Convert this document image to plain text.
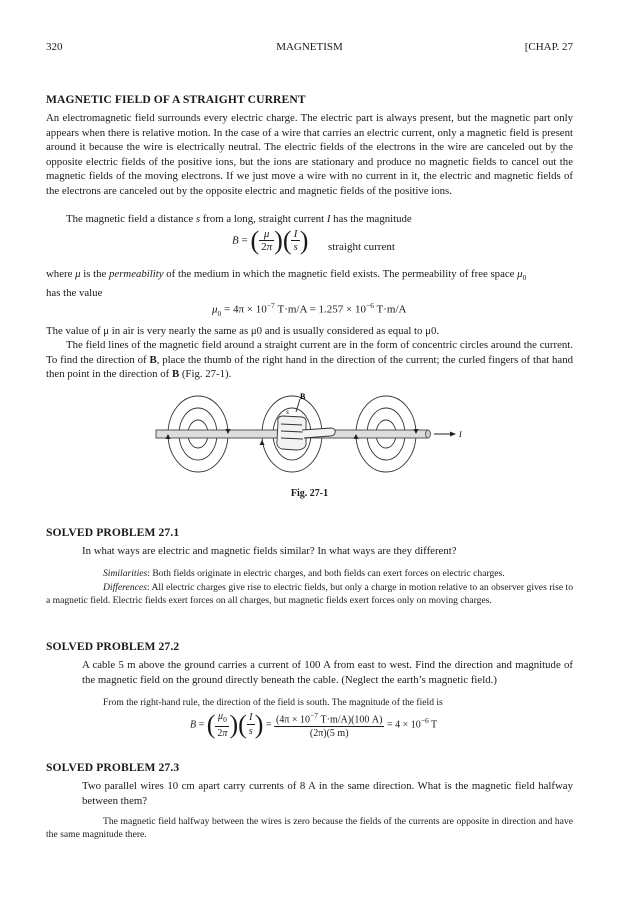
320	MAGNETISM	[CHAP. 27
MAGNETIC FIELD OF A STRAIGHT CURRENT
An electromagnetic field surrounds every electric charge. The electric part is always present, but the magnetic part only appears when there is relative motion. In the case of a wire that carries an electric current, only a magnetic field is present around it because the wire is electrically neutral. The electric fields of the electrons in the wire are canceled out by the opposite electric fields of the positive ions, but the ions are stationary and produce no magnetic fields to cancel out the magnetic fields of the moving electrons. If we just move a wire with no current in it, the electric and magnetic fields of the electrons are canceled out by the opposite electric and magnetic fields of the positive ions.
The magnetic field a distance s from a long, straight current I has the magnitude
B = ( $\frac{\mu}{2\pi}$ )( $\frac{I}{s}$ ) straight current
where μ is the permeability of the medium in which the magnetic field exists. The permeability of free space $\mu_0$
has the value
$\mu_0 = 4\pi \times 10^{-7}$ $T\cdot m/A = 1.257 \times 10^{-6}$ T·m/A
The value of μ in air is very nearly the same as μ0 and is usually considered as equal to μ0.
The field lines of the magnetic field around a straight current are in the form of concentric circles around the current. To find the direction of B, place the thumb of the right hand in the direction of the current; the curled fingers of that hand then point in the direction of B (Fig. 27-1).
B
s
I
Fig. 27-1
SOLVED PROBLEM 27.1
In what ways are electric and magnetic fields similar? In what ways are they different?
Similarities: Both fields originate in electric charges, and both fields can exert forces on electric charges.
Differences: All electric charges give rise to electric fields, but only a charge in motion relative to an observer gives rise to a magnetic field. Electric fields exert forces on all charges, but magnetic fields exert forces only on moving charges.
SOLVED PROBLEM 27.2
A cable 5 m above the ground carries a current of 100 A from east to west. Find the direction and magnitude of the magnetic field on the ground directly beneath the cable. (Neglect the earth’s magnetic field.)
From the right-hand rule, the direction of the field is south. The magnitude of the field is
B = ( $\frac{\mu_0}{2\pi}$ )( $\frac{I}{s}$ ) = $\frac{(4\pi \times 10^{-7} T\cdot m/A)(100 A)}{(2\pi)(5 m)} = 4 \times 10^{-6}$ T
SOLVED PROBLEM 27.3
Two parallel wires 10 cm apart carry currents of 8 A in the same direction. What is the magnetic field halfway between them?
The magnetic field halfway between the wires is zero because the fields of the currents are opposite in direction and have the same magnitude there.
